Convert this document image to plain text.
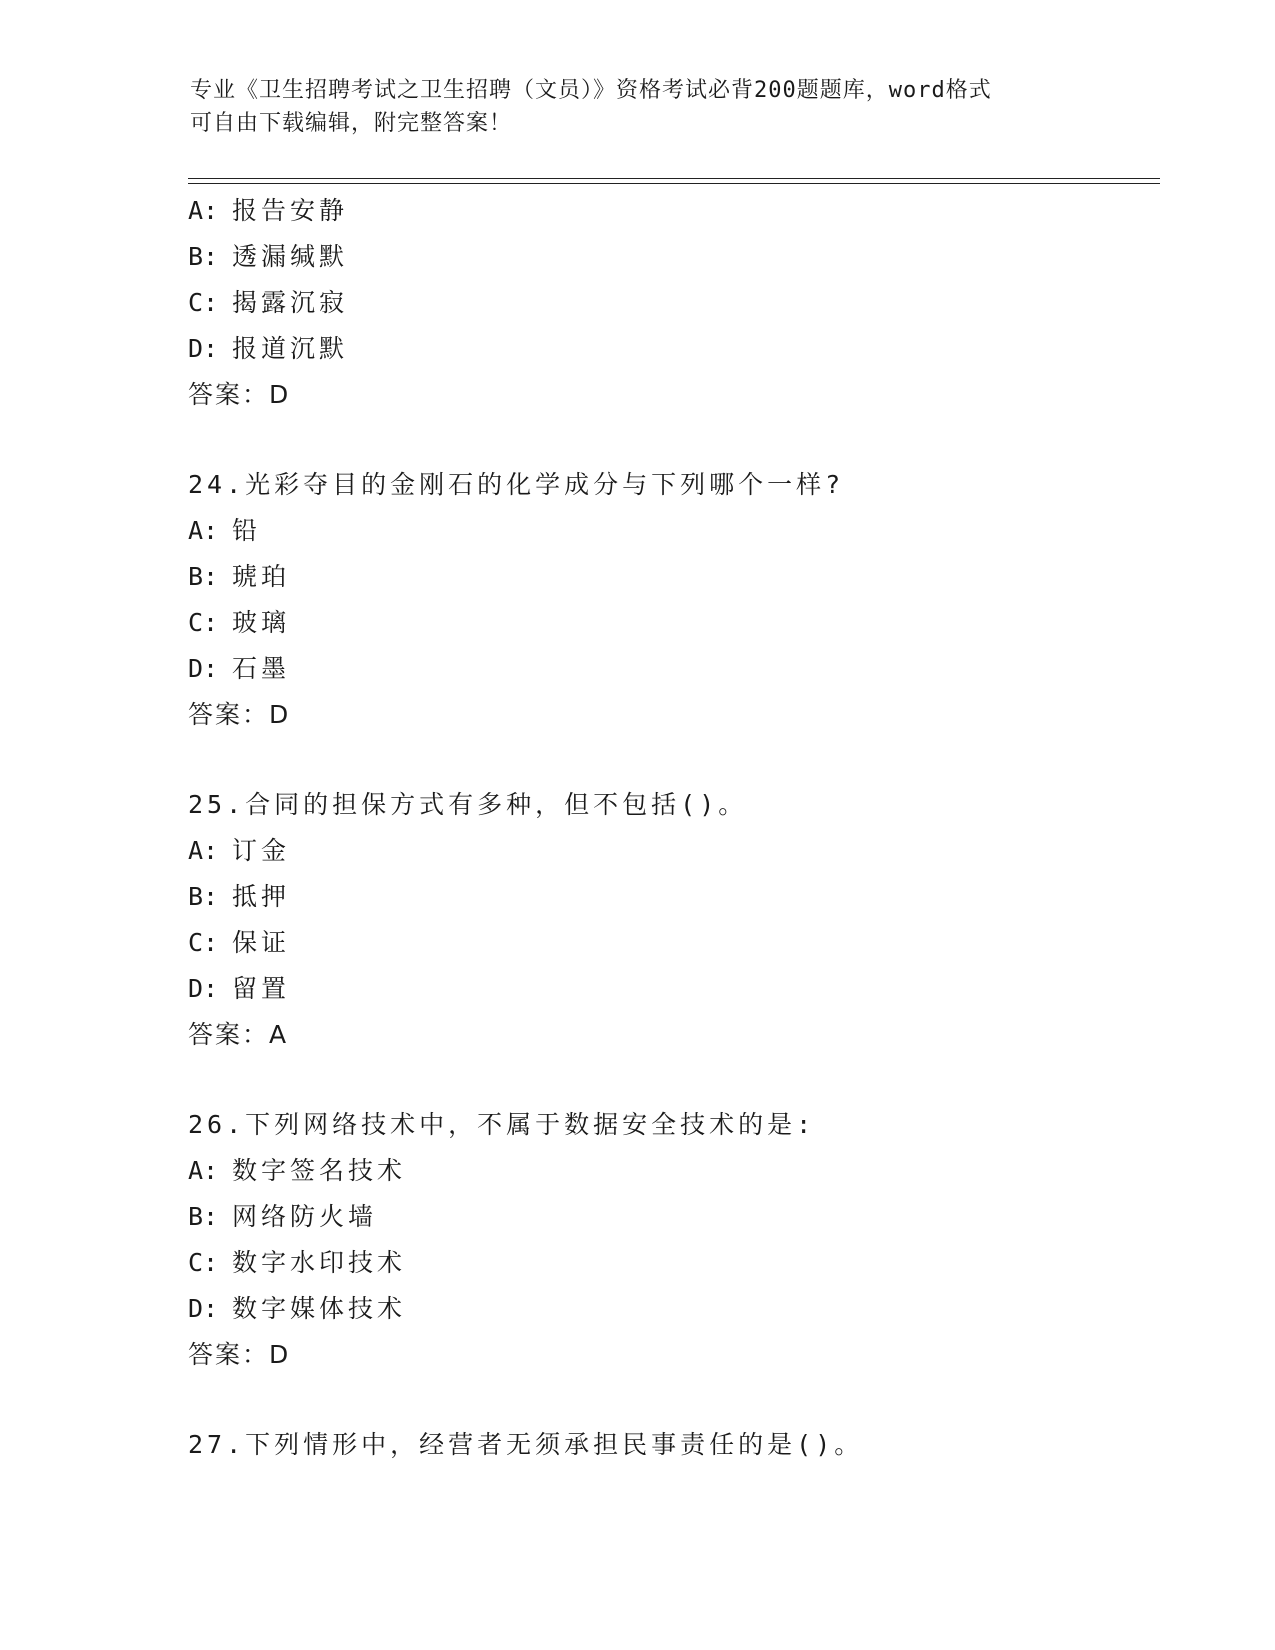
专业《卫生招聘考试之卫生招聘（文员）》资格考试必背200题题库，word格式
可自由下载编辑，附完整答案！
A: 报告安静
B: 透漏缄默
C: 揭露沉寂
D: 报道沉默
答案：D
24.光彩夺目的金刚石的化学成分与下列哪个一样?
A: 铅
B: 琥珀
C: 玻璃
D: 石墨
答案：D
25.合同的担保方式有多种，但不包括()。
A: 订金
B: 抵押
C: 保证
D: 留置
答案：A
26.下列网络技术中，不属于数据安全技术的是:
A: 数字签名技术
B: 网络防火墙
C: 数字水印技术
D: 数字媒体技术
答案：D
27.下列情形中，经营者无须承担民事责任的是()。
